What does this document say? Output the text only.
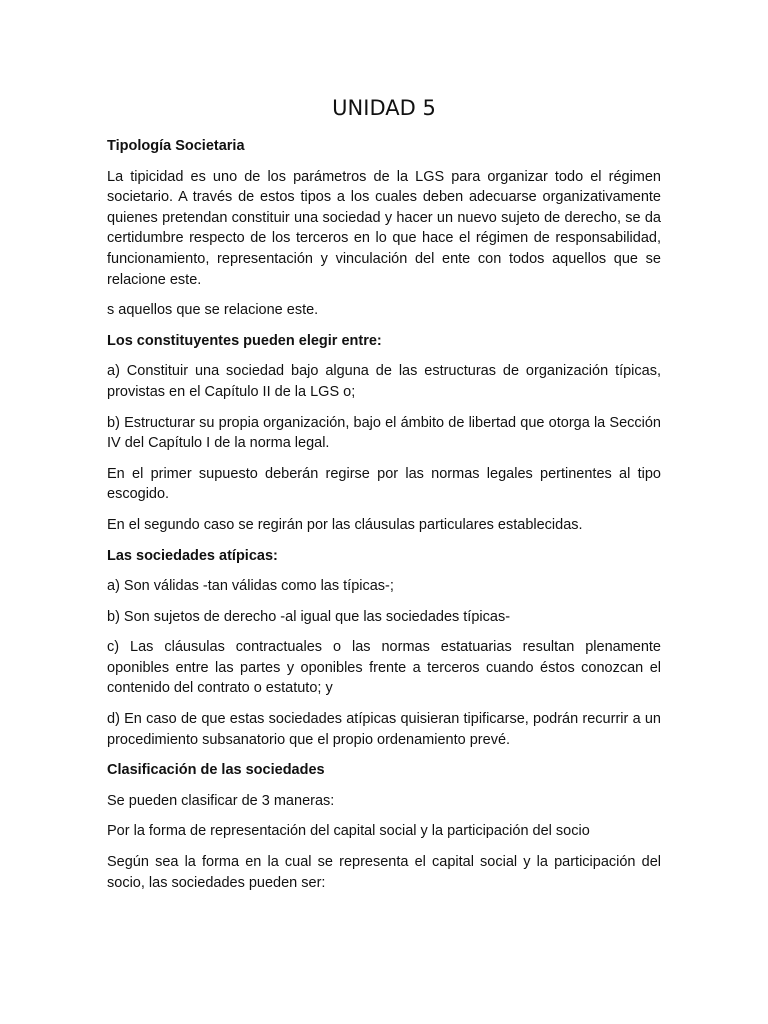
UNIDAD 5

Tipología Societaria

La tipicidad es uno de los parámetros de la LGS para organizar todo el régimen societario. A través de estos tipos a los cuales deben adecuarse organizativamente quienes pretendan constituir una sociedad y hacer un nuevo sujeto de derecho, se da certidumbre respecto de los terceros en lo que hace el régimen de responsabilidad, funcionamiento, representación y vinculación del ente con todos aquellos que se relacione este.

s aquellos que se relacione este.

Los constituyentes pueden elegir entre:

a) Constituir una sociedad bajo alguna de las estructuras de organización típicas, provistas en el Capítulo II de la LGS o;

b) Estructurar su propia organización, bajo el ámbito de libertad que otorga la Sección IV del Capítulo I de la norma legal.

En el primer supuesto deberán regirse por las normas legales pertinentes al tipo escogido.

En el segundo caso se regirán por las cláusulas particulares establecidas.

Las sociedades atípicas:

a) Son válidas -tan válidas como las típicas-;

b) Son sujetos de derecho -al igual que las sociedades típicas-

c) Las cláusulas contractuales o las normas estatuarias resultan plenamente oponibles entre las partes y oponibles frente a terceros cuando éstos conozcan el contenido del contrato o estatuto; y

d) En caso de que estas sociedades atípicas quisieran tipificarse, podrán recurrir a un procedimiento subsanatorio que el propio ordenamiento prevé.

Clasificación de las sociedades

Se pueden clasificar de 3 maneras:

Por la forma de representación del capital social y la participación del socio

Según sea la forma en la cual se representa el capital social y la participación del socio, las sociedades pueden ser:
